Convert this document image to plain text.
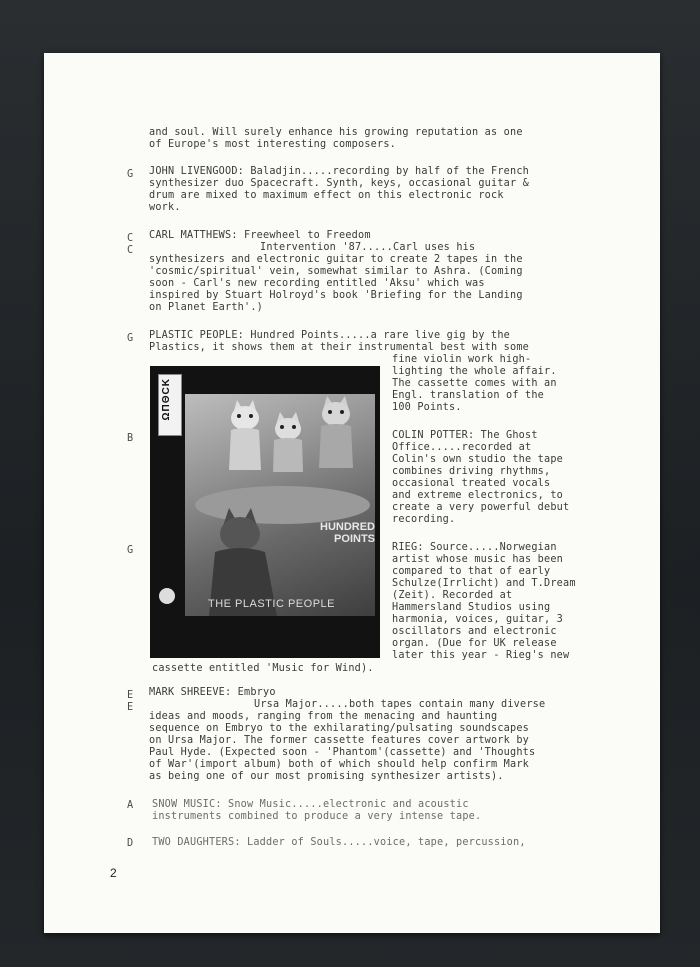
G
C
C
G
B
G
E
E
A
D
and soul. Will surely enhance his growing reputation as one
of Europe's most interesting composers.
JOHN LIVENGOOD: Baladjin.....recording by half of the French
synthesizer duo Spacecraft. Synth, keys, occasional guitar &
drum are mixed to maximum effect on this electronic rock
work.
CARL MATTHEWS: Freewheel to Freedom
Intervention '87.....Carl uses his
synthesizers and electronic guitar to create 2 tapes in the
'cosmic/spiritual' vein, somewhat similar to Ashra. (Coming
soon - Carl's new recording entitled 'Aksu' which was
inspired by Stuart Holroyd's book 'Briefing for the Landing
on Planet Earth'.)
PLASTIC PEOPLE: Hundred Points.....a rare live gig by the
Plastics, it shows them at their instrumental best with some
fine violin work high-
lighting the whole affair.
The cassette comes with an
Engl. translation of the
100 Points.
COLIN POTTER: The Ghost
Office.....recorded at
Colin's own studio the tape
combines driving rhythms,
occasional treated vocals
and extreme electronics, to
create a very powerful debut
recording.
RIEG: Source.....Norwegian
artist whose music has been
compared to that of early
Schulze(Irrlicht) and T.Dream
(Zeit). Recorded at
Hammersland Studios using
harmonia, voices, guitar, 3
oscillators and electronic
organ. (Due for UK release
later this year - Rieg's new
cassette entitled 'Music for Wind).
MARK SHREEVE: Embryo
Ursa Major.....both tapes contain many diverse
ideas and moods, ranging from the menacing and haunting
sequence on Embryo to the exhilarating/pulsating soundscapes
on Ursa Major. The former cassette features cover artwork by
Paul Hyde. (Expected soon - 'Phantom'(cassette) and 'Thoughts
of War'(import album) both of which should help confirm Mark
as being one of our most promising synthesizer artists).
SNOW MUSIC: Snow Music.....electronic and acoustic
instruments combined to produce a very intense tape.
TWO DAUGHTERS: Ladder of Souls.....voice, tape, percussion,
ΩΠΘCK
HUNDRED
POINTS
THE PLASTIC PEOPLE
2
